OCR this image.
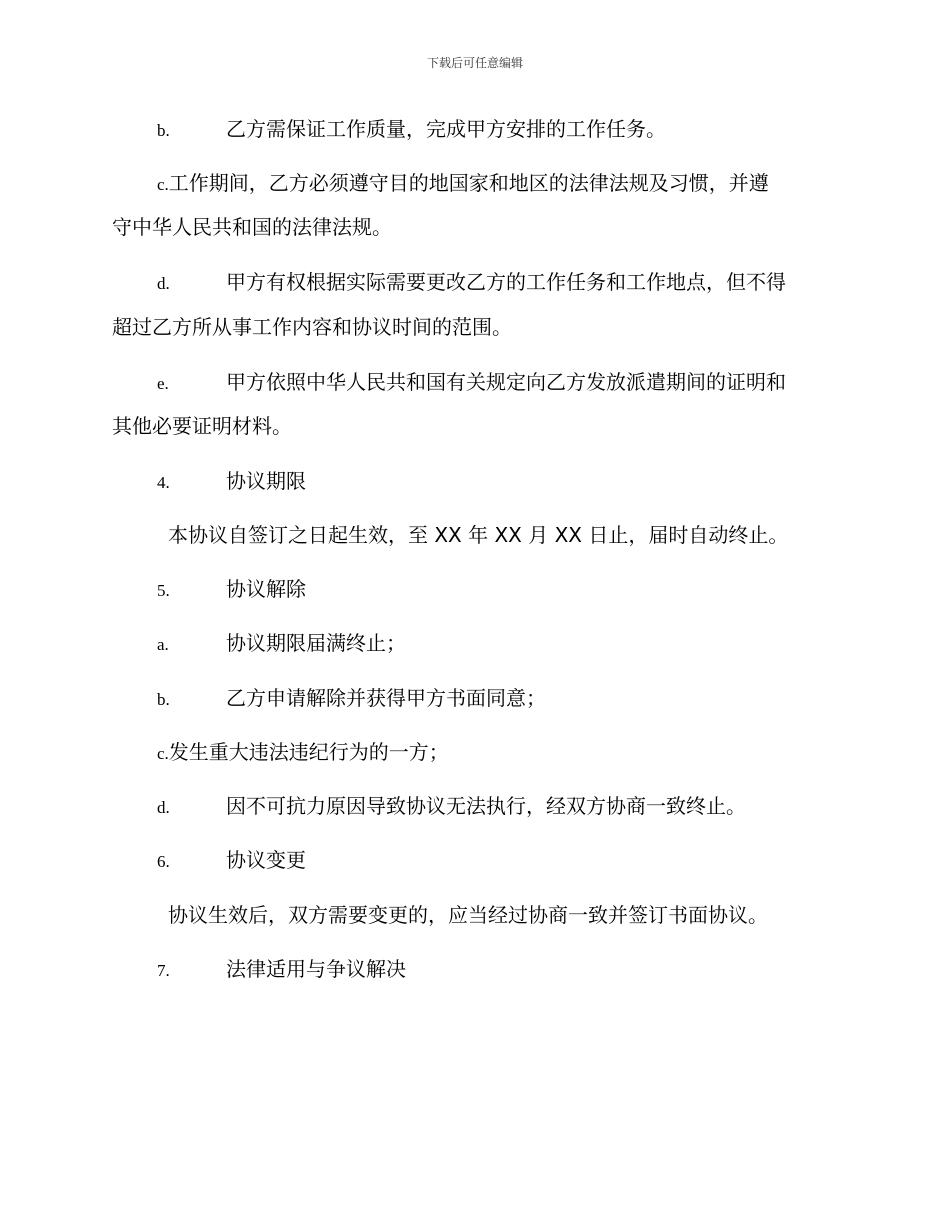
下载后可任意编辑
b.	乙方需保证工作质量，完成甲方安排的工作任务。
c.工作期间，乙方必须遵守目的地国家和地区的法律法规及习惯，并遵
守中华人民共和国的法律法规。
d.	甲方有权根据实际需要更改乙方的工作任务和工作地点，但不得
超过乙方所从事工作内容和协议时间的范围。
e.	甲方依照中华人民共和国有关规定向乙方发放派遣期间的证明和
其他必要证明材料。
4.	协议期限
本协议自签订之日起生效，至 XX 年 XX 月 XX 日止，届时自动终止。
5.	协议解除
a.	协议期限届满终止；
b.	乙方申请解除并获得甲方书面同意；
c.发生重大违法违纪行为的一方；
d.	因不可抗力原因导致协议无法执行，经双方协商一致终止。
6.	协议变更
协议生效后，双方需要变更的，应当经过协商一致并签订书面协议。
7.	法律适用与争议解决
